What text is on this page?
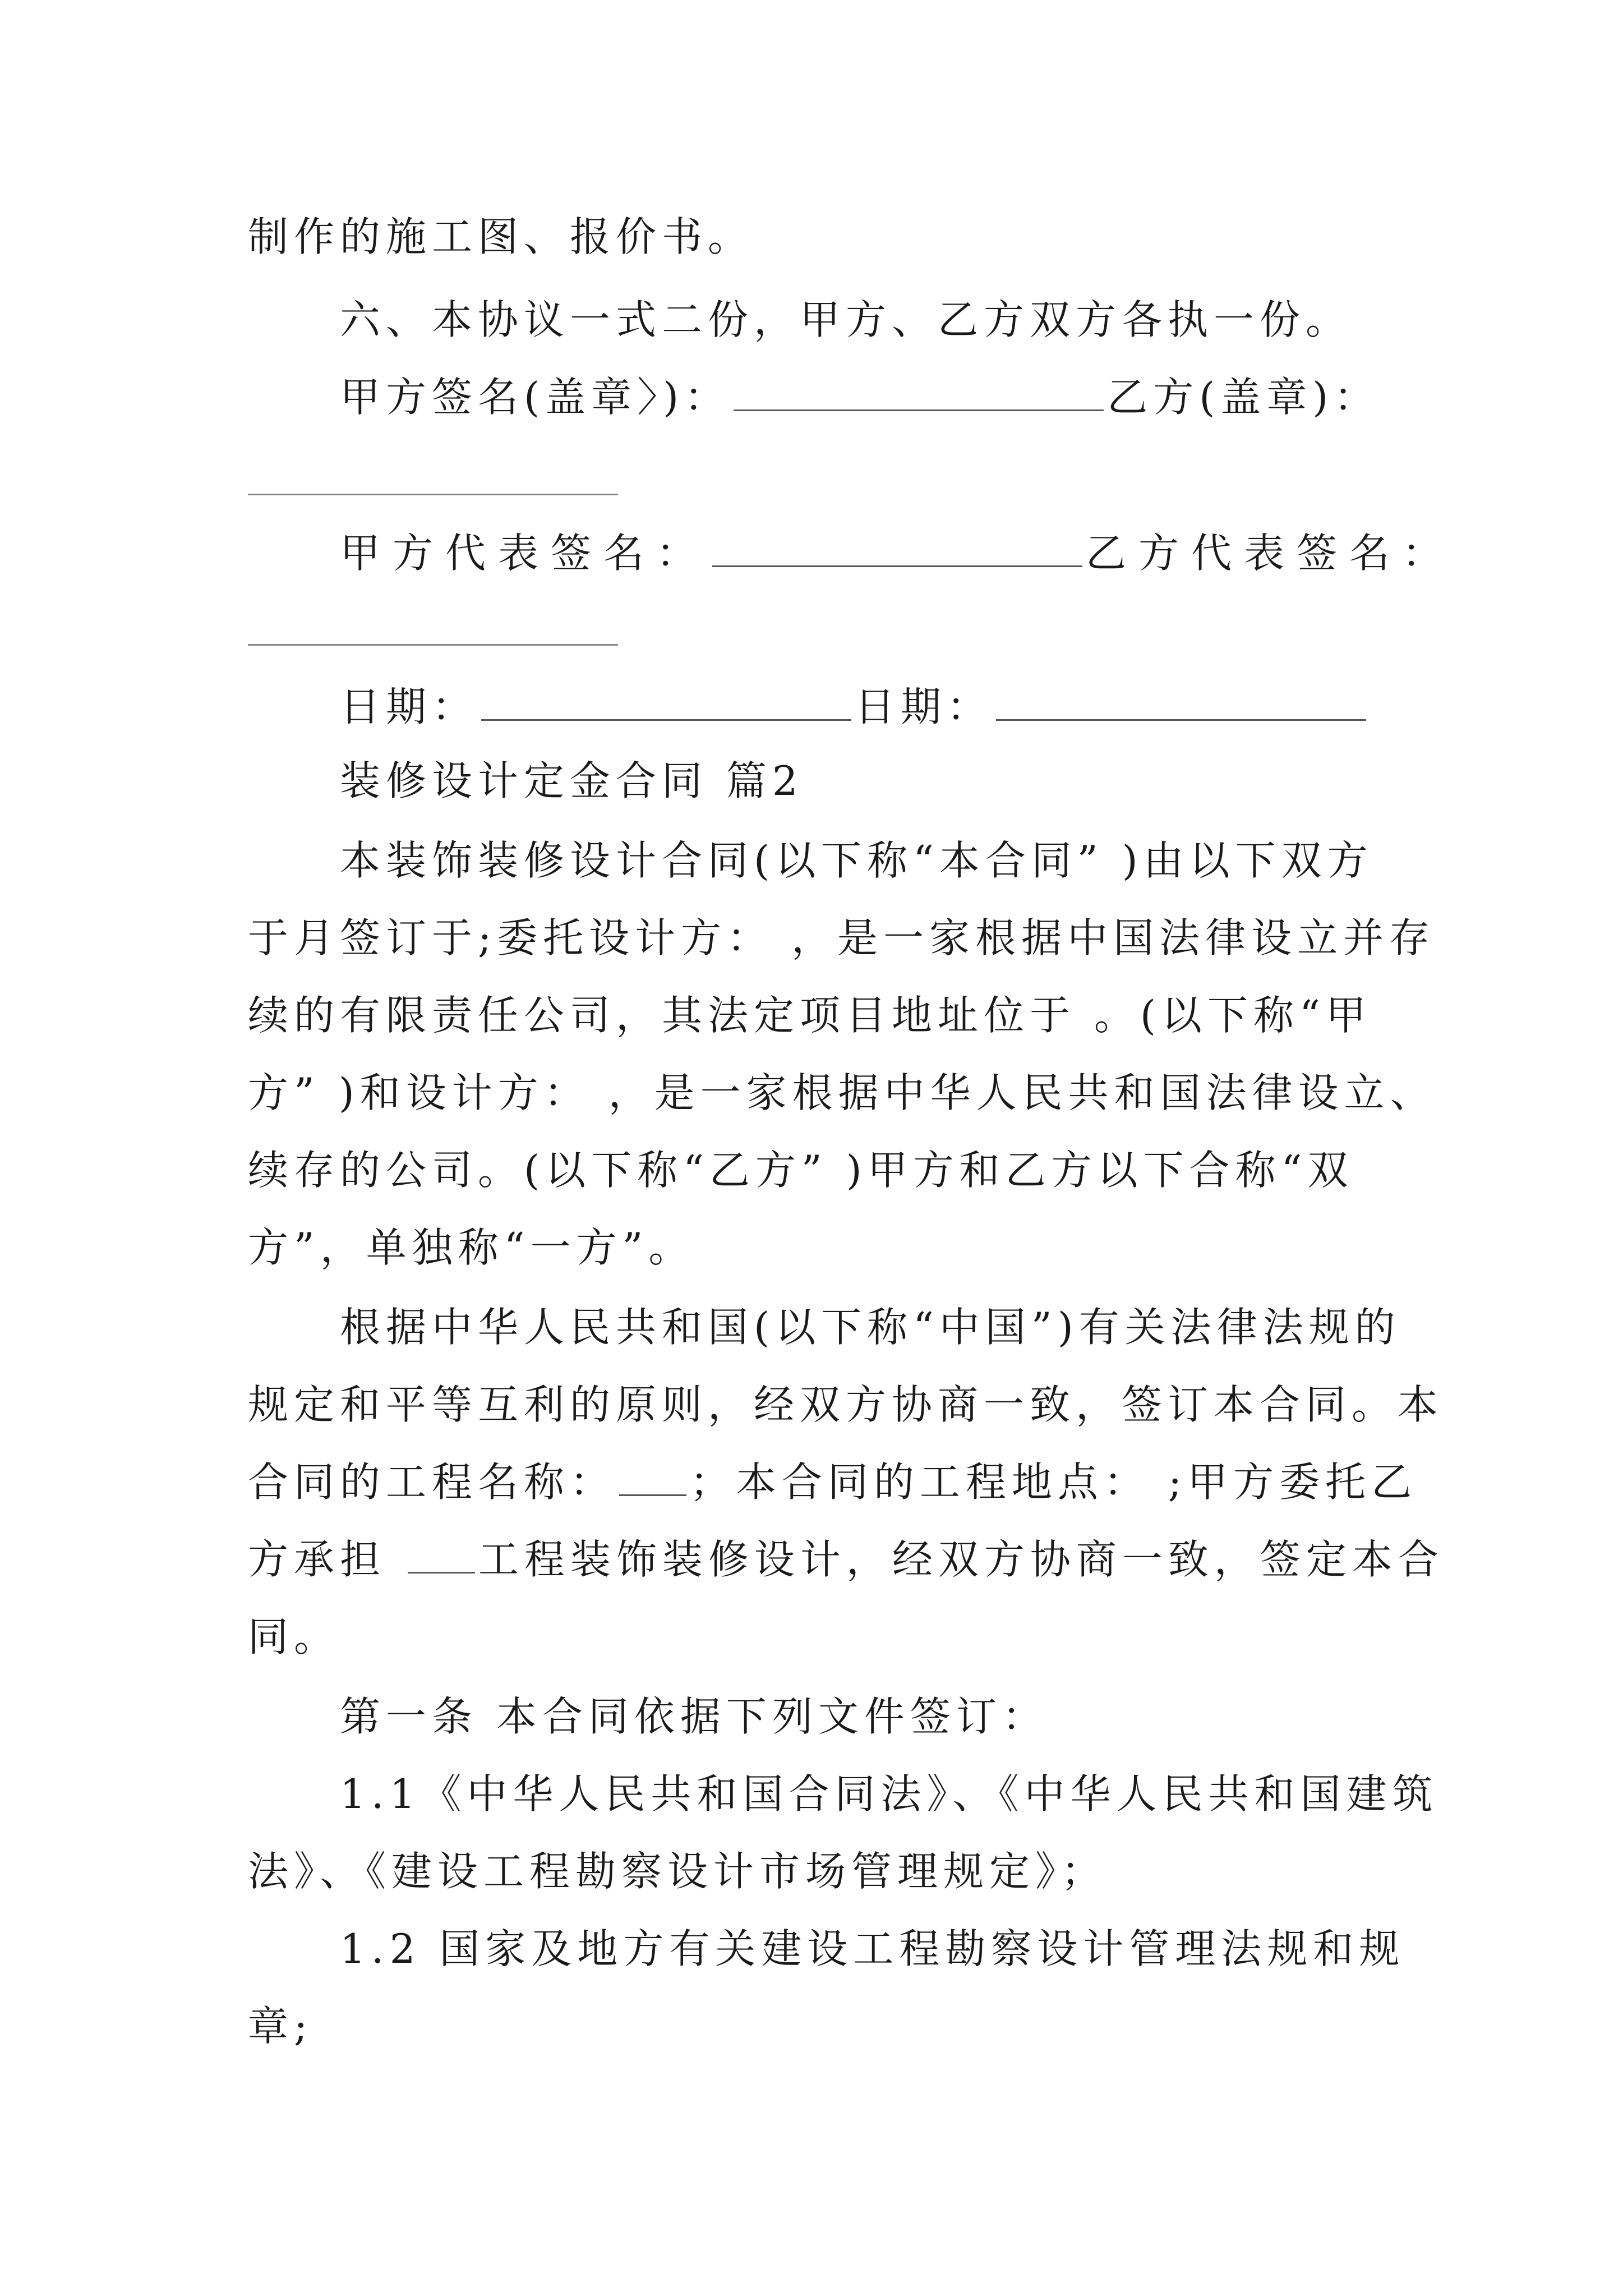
制作的施工图、报价书。
六、本协议一式二份，甲方、乙方双方各执一份。
甲方签名(盖章〉)：	乙方(盖章)：
甲方代表签名：	乙方代表签名：
日期：	日期：
装修设计定金合同 篇2
本装饰装修设计合同(以下称“本合同” )由以下双方
于月签订于;委托设计方： ，是一家根据中国法律设立并存
续的有限责任公司，其法定项目地址位于 。(以下称“甲
方” )和设计方： ，是一家根据中华人民共和国法律设立、
续存的公司。(以下称“乙方” )甲方和乙方以下合称“双
方”，单独称“一方”。
根据中华人民共和国(以下称“中国”)有关法律法规的
规定和平等互利的原则，经双方协商一致，签订本合同。本
合同的工程名称： ；本合同的工程地点： ;甲方委托乙
方承担 工程装饰装修设计，经双方协商一致，签定本合
同。
第一条 本合同依据下列文件签订：
1.1《中华人民共和国合同法》、《中华人民共和国建筑
法》、《建设工程勘察设计市场管理规定》；
1.2 国家及地方有关建设工程勘察设计管理法规和规
章;
